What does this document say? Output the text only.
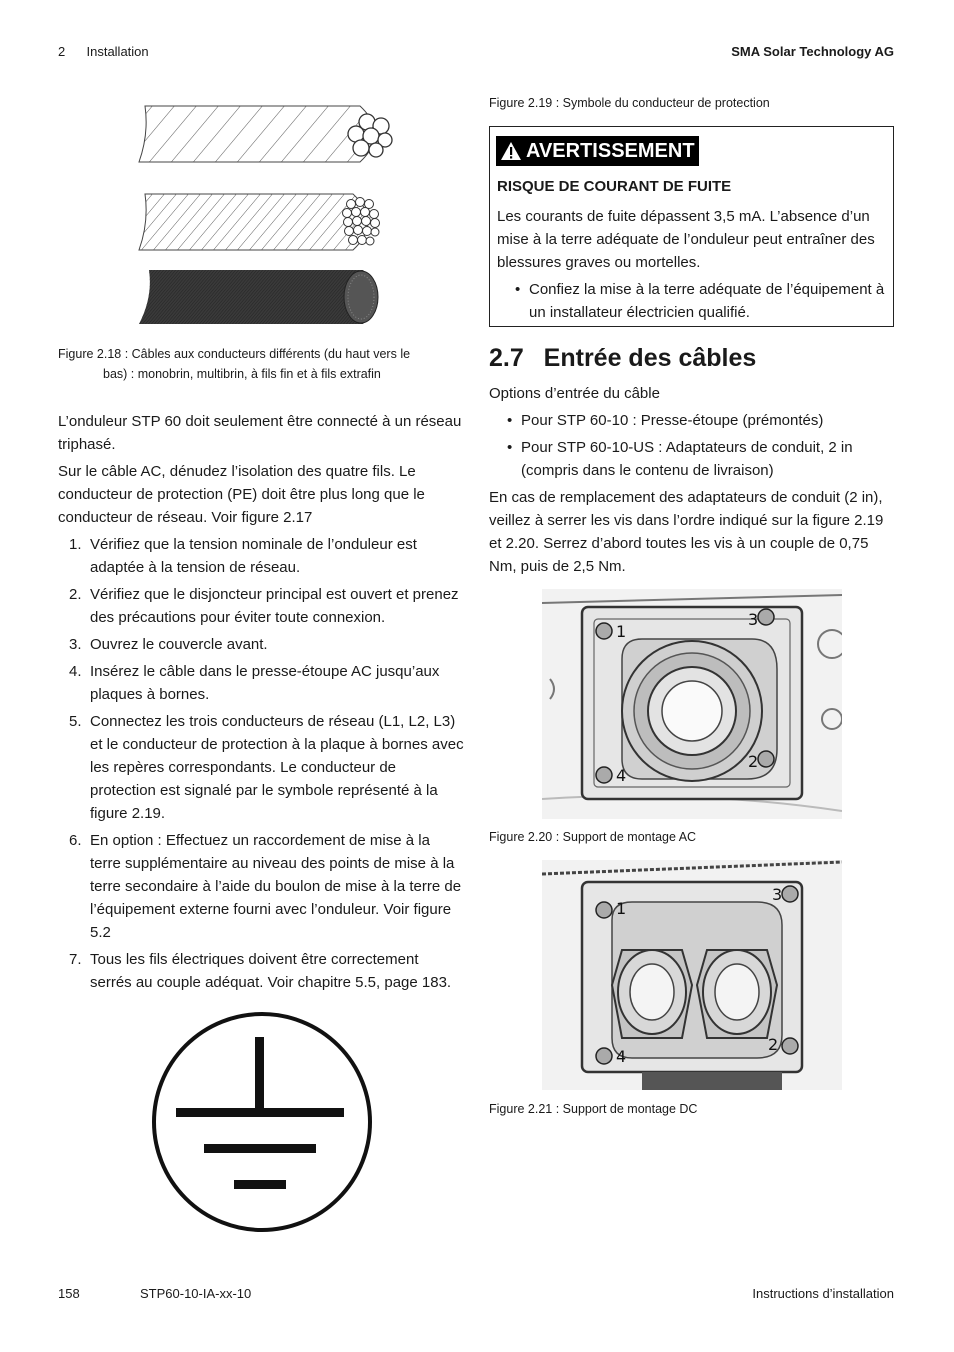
2 Installation	SMA Solar Technology AG
Figure 2.18 : Câbles aux conducteurs différents (du haut vers le
bas) : monobrin, multibrin, à fils fin et à fils extrafin

L’onduleur STP 60 doit seulement être connecté à un réseau triphasé.

Sur le câble AC, dénudez l’isolation des quatre fils. Le conducteur de protection (PE) doit être plus long que le conducteur de réseau. Voir figure 2.17

1. Vérifiez que la tension nominale de l’onduleur est adaptée à la tension de réseau.
2. Vérifiez que le disjoncteur principal est ouvert et prenez des précautions pour éviter toute connexion.
3. Ouvrez le couvercle avant.
4. Insérez le câble dans le presse-étoupe AC jusqu’aux plaques à bornes.
5. Connectez les trois conducteurs de réseau (L1, L2, L3) et le conducteur de protection à la plaque à bornes avec les repères correspondants. Le conducteur de protection est signalé par le symbole représenté à la figure 2.19.
6. En option : Effectuez un raccordement de mise à la terre supplémentaire au niveau des points de mise à la terre secondaire à l’aide du boulon de mise à la terre de l’équipement externe fourni avec l’onduleur. Voir figure 5.2
7. Tous les fils électriques doivent être correctement serrés au couple adéquat. Voir chapitre 5.5, page 183.
Figure 2.19 : Symbole du conducteur de protection
AVERTISSEMENT
RISQUE DE COURANT DE FUITE
Les courants de fuite dépassent 3,5 mA. L’absence d’un mise à la terre adéquate de l’onduleur peut entraîner des blessures graves ou mortelles.
• Confiez la mise à la terre adéquate de l’équipement à un installateur électricien qualifié.
2.7 Entrée des câbles

Options d’entrée du câble

• Pour STP 60-10 : Presse-étoupe (prémontés)
• Pour STP 60-10-US : Adaptateurs de conduit, 2 in (compris dans le contenu de livraison)

En cas de remplacement des adaptateurs de conduit (2 in), veillez à serrer les vis dans l’ordre indiqué sur la figure 2.19 et 2.20. Serrez d’abord toutes les vis à un couple de 0,75 Nm, puis de 2,5 Nm.

1
3
2
4
Figure 2.20 : Support de montage AC
1
3
2
4
Figure 2.21 : Support de montage DC
158	STP60-10-IA-xx-10	Instructions d’installation
